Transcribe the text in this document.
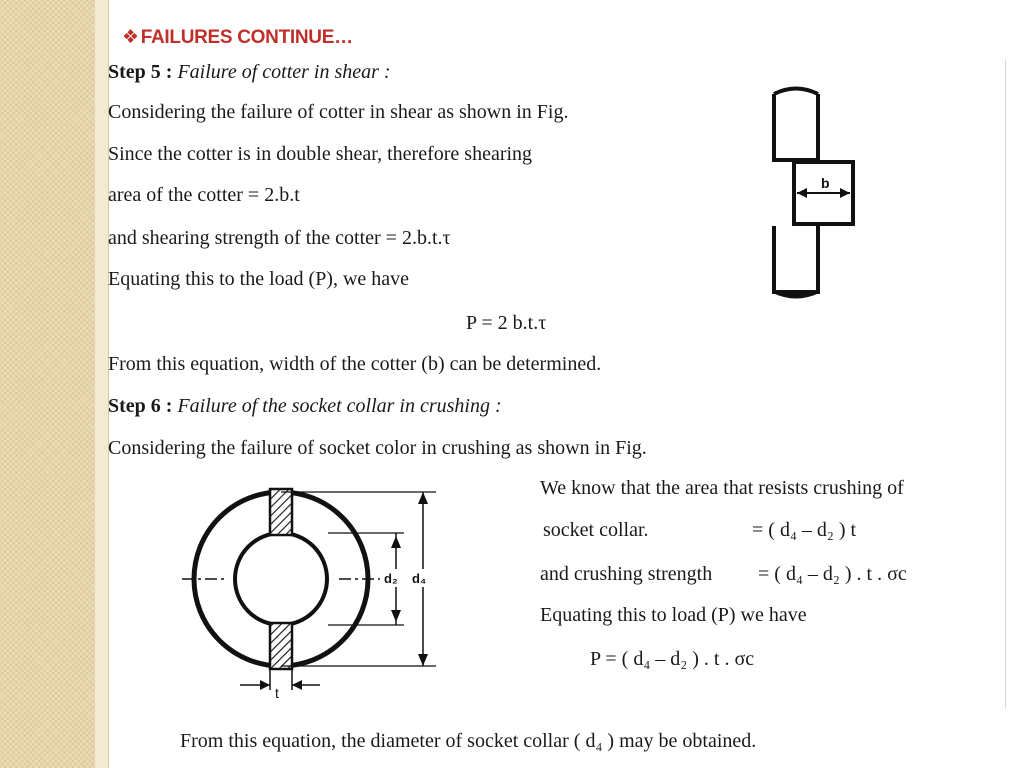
❖ FAILURES CONTINUE…
Step 5 : Failure of cotter in shear :
Considering the failure of cotter in shear as shown in Fig.
Since the cotter is in double shear, therefore shearing
area of the cotter = 2.b.t
and shearing strength of the cotter = 2.b.t.τ
Equating this to the load (P), we have
P = 2 b.t.τ
From this equation, width of the cotter (b) can be determined.
b
Step 6 : Failure of the socket collar in crushing :
Considering the failure of socket color in crushing as shown in Fig.
t
d₂ d₄
We know that the area that resists crushing of
socket collar.	= ( d₄ – d₂ ) t
and crushing strength = ( d₄ – d₂ ) . t . σc
Equating this to load (P) we have
P = ( d₄ – d₂ ) . t . σc
From this equation, the diameter of socket collar ( d₄ ) may be obtained.
